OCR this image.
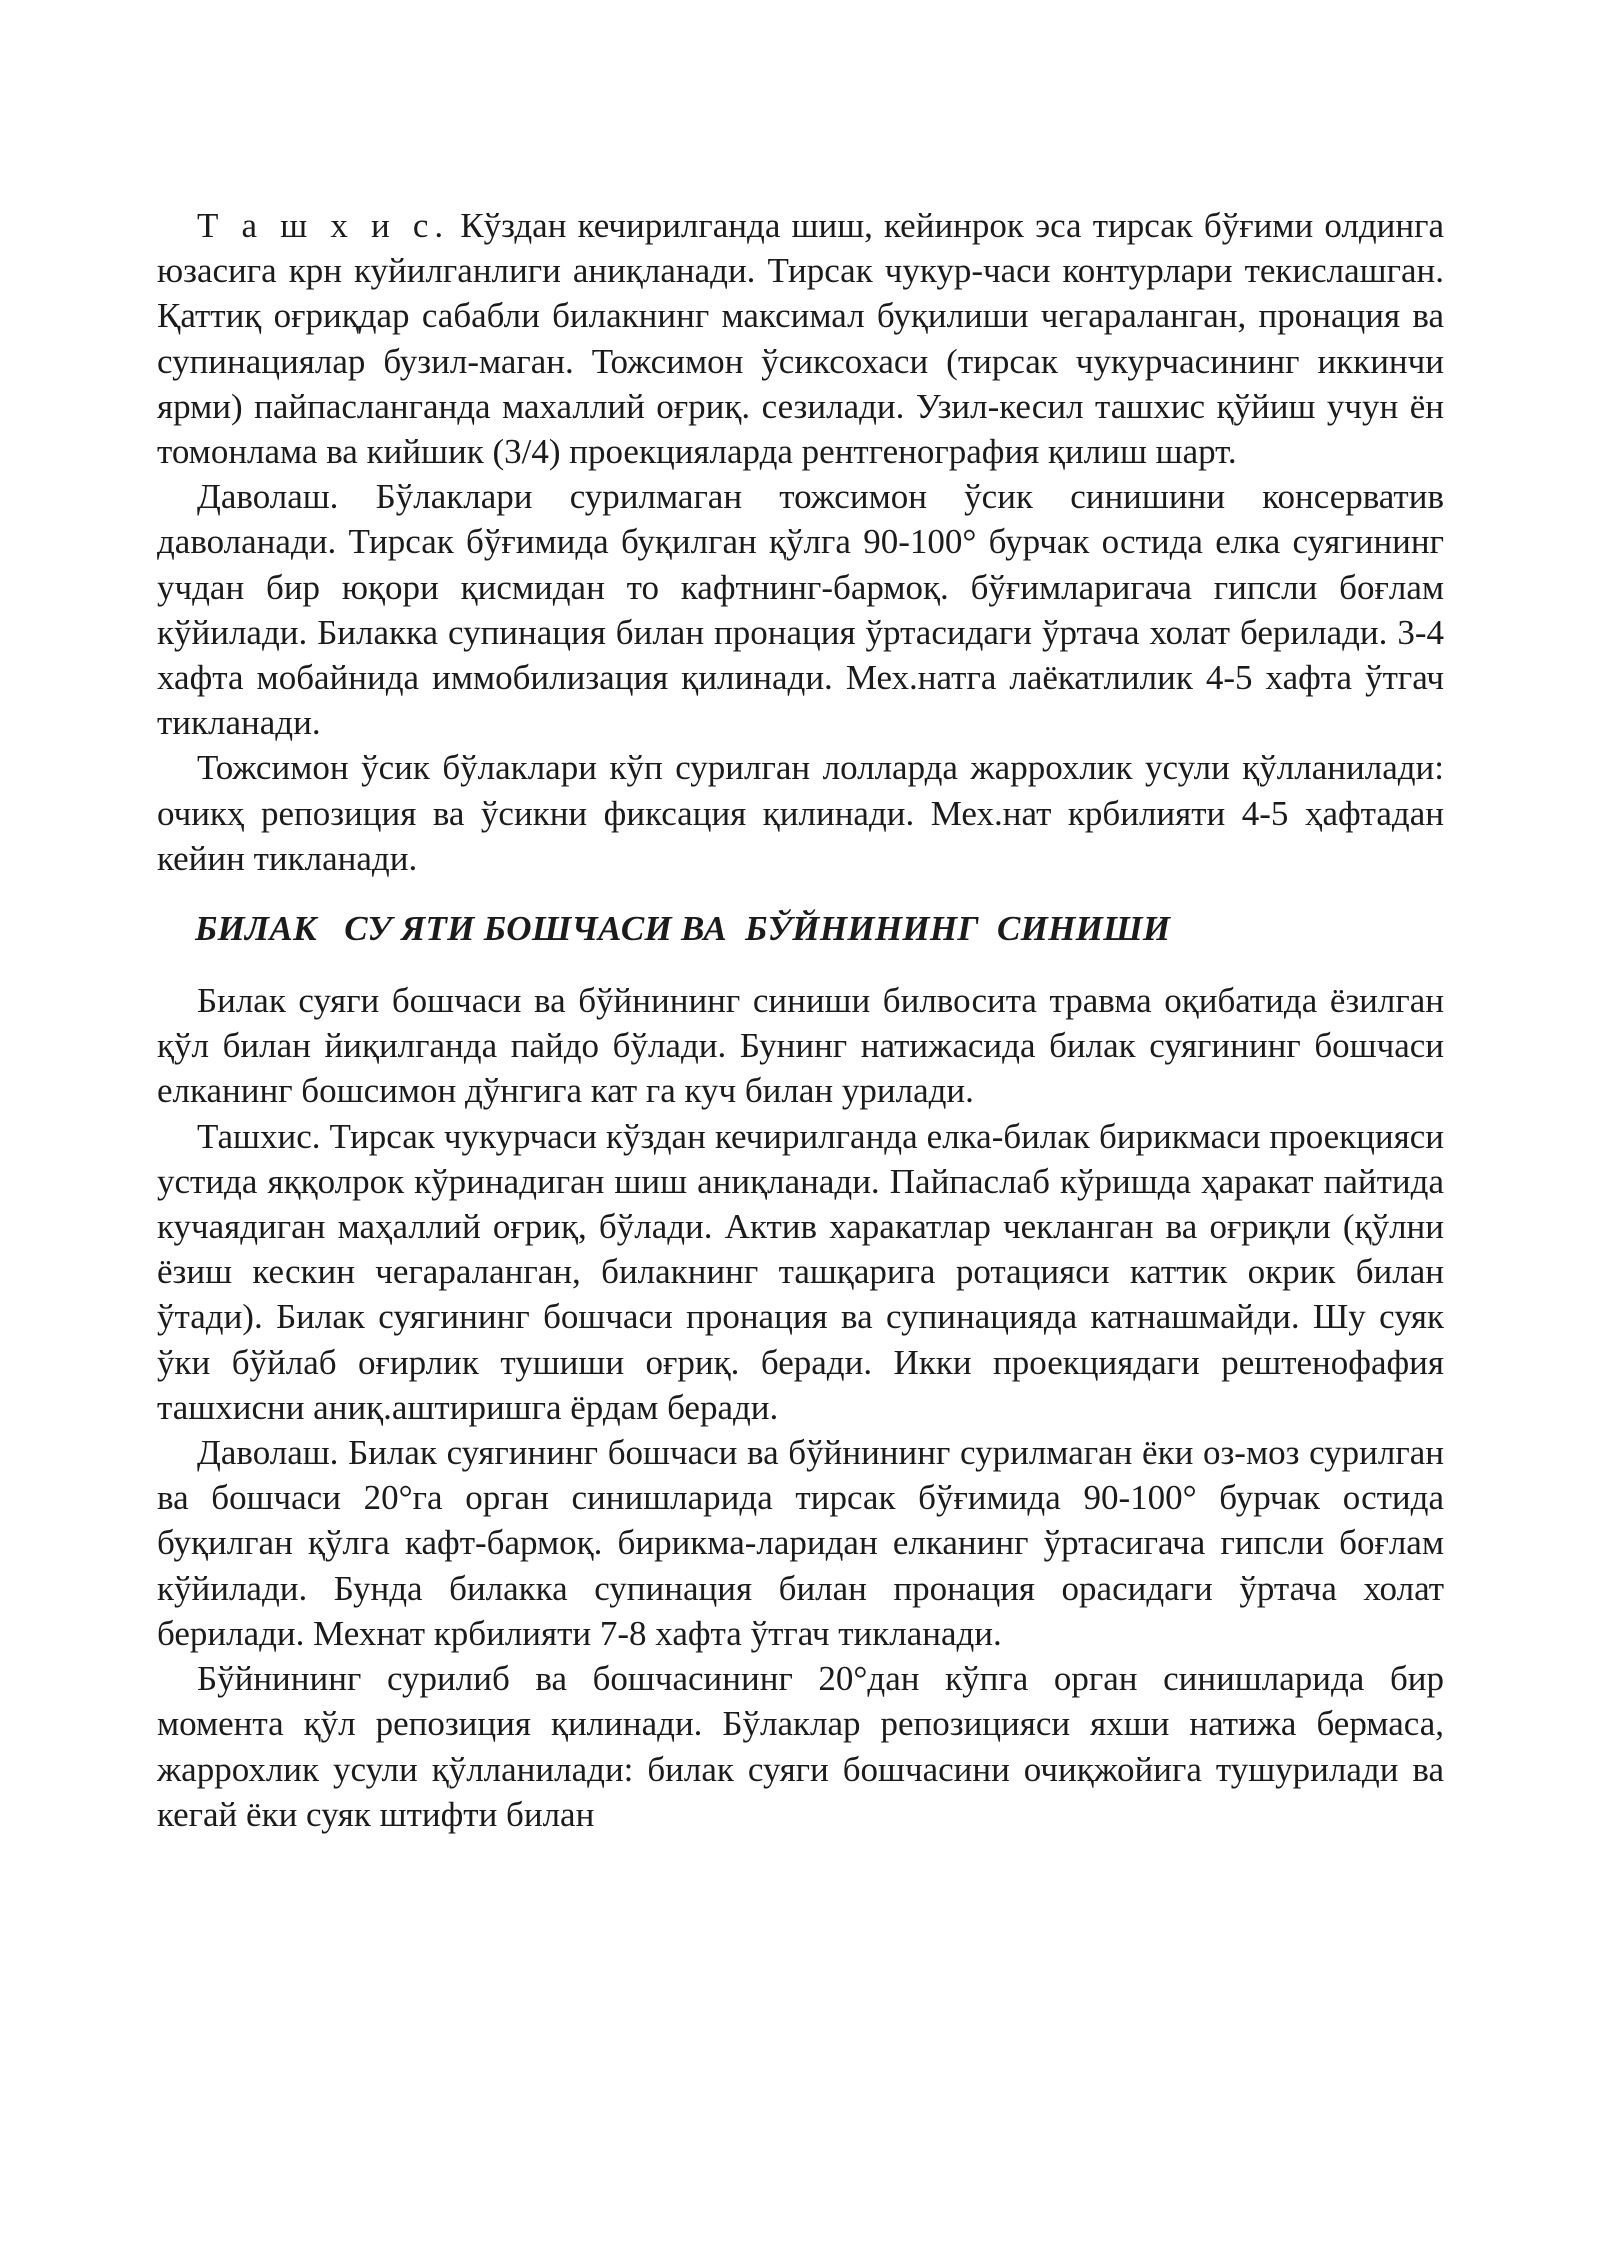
Т а ш х и с. Кўздан кечирилганда шиш, кейинрок эса тирсак бўғими олдинга юзасига крн куйилганлиги аниқланади. Тирсак чукур-часи контурлари текислашган. Қаттиқ оғриқдар сабабли билакнинг максимал буқилиши чегараланган, пронация ва супинациялар бузил-маган. Тожсимон ўсиксохаси (тирсак чукурчасининг иккинчи ярми) пайпасланганда махаллий оғриқ. сезилади. Узил-кесил ташхис қўйиш учун ён томонлама ва кийшик (3/4) проекцияларда рентгенография қилиш шарт.

Даволаш. Бўлаклари сурилмаган тожсимон ўсик синишини консерватив даволанади. Тирсак бўғимида буқилган қўлга 90-100° бурчак остида елка суягининг учдан бир юқори қисмидан то кафтнинг-бармоқ. бўғимларигача гипсли боғлам кўйилади. Билакка супинация билан пронация ўртасидаги ўртача холат берилади. 3-4 хафта мобайнида иммобилизация қилинади. Мех.натга лаёкатлилик 4-5 хафта ўтгач тикланади.

Тожсимон ўсик бўлаклари кўп сурилган лолларда жаррохлик усули қўлланилади: очикҳ репозиция ва ўсикни фиксация қилинади. Мех.нат крбилияти 4-5 ҳафтадан кейин тикланади.

БИЛАК   СУ ЯТИ БОШЧАСИ ВА  БЎЙНИНИНГ  СИНИШИ

Билак суяги бошчаси ва бўйнининг синиши билвосита травма оқибатида ёзилган қўл билан йиқилганда пайдо бўлади. Бунинг натижасида билак суягининг бошчаси елканинг бошсимон дўнгига кат га куч билан урилади.

Ташхис. Тирсак чукурчаси кўздан кечирилганда елка-билак бирикмаси проекцияси устида яққолрок кўринадиган шиш аниқланади. Пайпаслаб кўришда ҳаракат пайтида кучаядиган маҳаллий оғриқ, бўлади. Актив харакатлар чекланган ва оғриқли (қўлни ёзиш кескин чегараланган, билакнинг ташқарига ротацияси каттик окрик билан ўтади). Билак суягининг бошчаси пронация ва супинацияда катнашмайди. Шу суяк ўки бўйлаб оғирлик тушиши оғриқ. беради. Икки проекциядаги рештенофафия ташхисни аниқ.аштиришга ёрдам беради.

Даволаш. Билак суягининг бошчаси ва бўйнининг сурилмаган ёки оз-моз сурилган ва бошчаси 20°га орган синишларида тирсак бўғимида 90-100° бурчак остида буқилган қўлга кафт-бармоқ. бирикма-ларидан елканинг ўртасигача гипсли боғлам кўйилади. Бунда билакка супинация билан пронация орасидаги ўртача холат берилади. Мехнат крбилияти 7-8 хафта ўтгач тикланади.

Бўйнининг сурилиб ва бошчасининг 20°дан кўпга орган синишларида бир момента қўл репозиция қилинади. Бўлаклар репозицияси яхши натижа бермаса, жаррохлик усули қўлланилади: билак суяги бошчасини очиқжойига тушурилади ва кегай ёки суяк штифти билан
